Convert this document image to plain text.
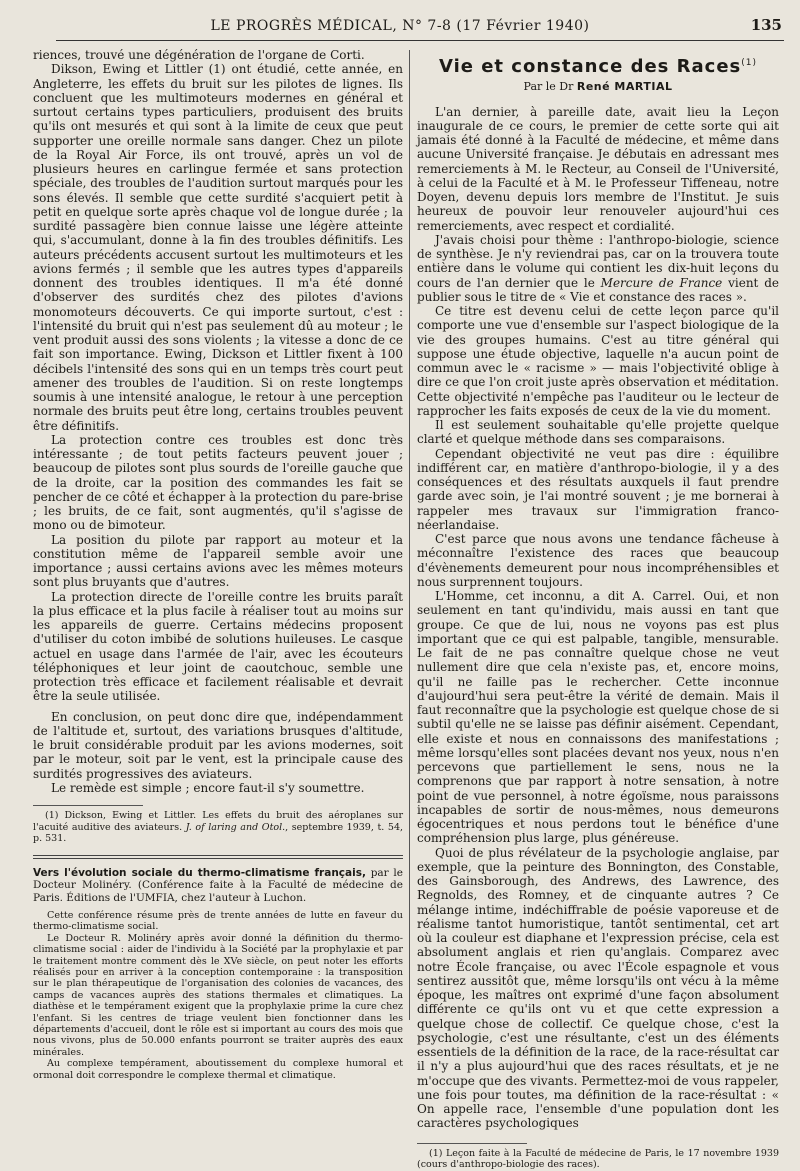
LE PROGRÈS MÉDICAL, N° 7-8 (17 Février 1940)	135

riences, trouvé une dégénération de l'organe de Corti.

Dikson, Ewing et Littler (1) ont étudié, cette année, en Angleterre, les effets du bruit sur les pilotes de lignes. Ils concluent que les multimoteurs modernes en général et surtout certains types particuliers, produisent des bruits qu'ils ont mesurés et qui sont à la limite de ceux que peut supporter une oreille normale sans danger. Chez un pilote de la Royal Air Force, ils ont trouvé, après un vol de plusieurs heures en carlingue fermée et sans protection spéciale, des troubles de l'audition surtout marqués pour les sons élevés. Il semble que cette surdité s'acquiert petit à petit en quelque sorte après chaque vol de longue durée ; la surdité passagère bien connue laisse une légère atteinte qui, s'accumulant, donne à la fin des troubles définitifs. Les auteurs précédents accusent surtout les multimoteurs et les avions fermés ; il semble que les autres types d'appareils donnent des troubles identiques. Il m'a été donné d'observer des surdités chez des pilotes d'avions monomoteurs découverts. Ce qui importe surtout, c'est : l'intensité du bruit qui n'est pas seulement dû au moteur ; le vent produit aussi des sons violents ; la vitesse a donc de ce fait son importance. Ewing, Dickson et Littler fixent à 100 décibels l'intensité des sons qui en un temps très court peut amener des troubles de l'audition. Si on reste longtemps soumis à une intensité analogue, le retour à une perception normale des bruits peut être long, certains troubles peuvent être définitifs.

La protection contre ces troubles est donc très intéressante ; de tout petits facteurs peuvent jouer ; beaucoup de pilotes sont plus sourds de l'oreille gauche que de la droite, car la position des commandes les fait se pencher de ce côté et échapper à la protection du pare-brise ; les bruits, de ce fait, sont augmentés, qu'il s'agisse de mono ou de bimoteur.

La position du pilote par rapport au moteur et la constitution même de l'appareil semble avoir une importance ; aussi certains avions avec les mêmes moteurs sont plus bruyants que d'autres.

La protection directe de l'oreille contre les bruits paraît la plus efficace et la plus facile à réaliser tout au moins sur les appareils de guerre. Certains médecins proposent d'utiliser du coton imbibé de solutions huileuses. Le casque actuel en usage dans l'armée de l'air, avec les écouteurs téléphoniques et leur joint de caoutchouc, semble une protection très efficace et facilement réalisable et devrait être la seule utilisée.

En conclusion, on peut donc dire que, indépendamment de l'altitude et, surtout, des variations brusques d'altitude, le bruit considérable produit par les avions modernes, soit par le moteur, soit par le vent, est la principale cause des surdités progressives des aviateurs.

Le remède est simple ; encore faut-il s'y soumettre.

(1) Dickson, Ewing et Littler. Les effets du bruit des aéroplanes sur l'acuité auditive des aviateurs. J. of laring and Otol., septembre 1939, t. 54, p. 531.
Vers l'évolution sociale du thermo-climatisme français, par le Docteur Molinéry. (Conférence faite à la Faculté de médecine de Paris. Éditions de l'UMFIA, chez l'auteur à Luchon.

Cette conférence résume près de trente années de lutte en faveur du thermo-climatisme social.

Le Docteur R. Molinéry après avoir donné la définition du thermo-climatisme social : aider de l'individu à la Société par la prophylaxie et par le traitement montre comment dès le XVe siècle, on peut noter les efforts réalisés pour en arriver à la conception contemporaine : la transposition sur le plan thérapeutique de l'organisation des colonies de vacances, des camps de vacances auprès des stations thermales et climatiques. La diathèse et le tempérament exigent que la prophylaxie prime la cure chez l'enfant. Si les centres de triage veulent bien fonctionner dans les départements d'accueil, dont le rôle est si important au cours des mois que nous vivons, plus de 50.000 enfants pourront se traiter auprès des eaux minérales.

Au complexe tempérament, aboutissement du complexe humoral et ormonal doit correspondre le complexe thermal et climatique.

Vie et constance des Races$^{(1)}$
Par le Dr René MARTIAL

L'an dernier, à pareille date, avait lieu la Leçon inaugurale de ce cours, le premier de cette sorte qui ait jamais été donné à la Faculté de médecine, et même dans aucune Université française. Je débutais en adressant mes remerciements à M. le Recteur, au Conseil de l'Université, à celui de la Faculté et à M. le Professeur Tiffeneau, notre Doyen, devenu depuis lors membre de l'Institut. Je suis heureux de pouvoir leur renouveler aujourd'hui ces remerciements, avec respect et cordialité.

J'avais choisi pour thème : l'anthropo-biologie, science de synthèse. Je n'y reviendrai pas, car on la trouvera toute entière dans le volume qui contient les dix-huit leçons du cours de l'an dernier que le Mercure de France vient de publier sous le titre de « Vie et constance des races ».

Ce titre est devenu celui de cette leçon parce qu'il comporte une vue d'ensemble sur l'aspect biologique de la vie des groupes humains. C'est au titre général qui suppose une étude objective, laquelle n'a aucun point de commun avec le « racisme » — mais l'objectivité oblige à dire ce que l'on croit juste après observation et méditation. Cette objectivité n'empêche pas l'auditeur ou le lecteur de rapprocher les faits exposés de ceux de la vie du moment.

Il est seulement souhaitable qu'elle projette quelque clarté et quelque méthode dans ses comparaisons.

Cependant objectivité ne veut pas dire : équilibre indifférent car, en matière d'anthropo-biologie, il y a des conséquences et des résultats auxquels il faut prendre garde avec soin, je l'ai montré souvent ; je me bornerai à rappeler mes travaux sur l'immigration franco-néerlandaise.

C'est parce que nous avons une tendance fâcheuse à méconnaître l'existence des races que beaucoup d'évènements demeurent pour nous incompréhensibles et nous surprennent toujours.

L'Homme, cet inconnu, a dit A. Carrel. Oui, et non seulement en tant qu'individu, mais aussi en tant que groupe. Ce que de lui, nous ne voyons pas est plus important que ce qui est palpable, tangible, mensurable. Le fait de ne pas connaître quelque chose ne veut nullement dire que cela n'existe pas, et, encore moins, qu'il ne faille pas le rechercher. Cette inconnue d'aujourd'hui sera peut-être la vérité de demain. Mais il faut reconnaître que la psychologie est quelque chose de si subtil qu'elle ne se laisse pas définir aisément. Cependant, elle existe et nous en connaissons des manifestations ; même lorsqu'elles sont placées devant nos yeux, nous n'en percevons que partiellement le sens, nous ne la comprenons que par rapport à notre sensation, à notre point de vue personnel, à notre égoïsme, nous paraissons incapables de sortir de nous-mêmes, nous demeurons égocentriques et nous perdons tout le bénéfice d'une compréhension plus large, plus généreuse.

Quoi de plus révélateur de la psychologie anglaise, par exemple, que la peinture des Bonnington, des Constable, des Gainsborough, des Andrews, des Lawrence, des Regnolds, des Romney, et de cinquante autres ? Ce mélange intime, indéchiffrable de poésie vaporeuse et de réalisme tantot humoristique, tantôt sentimental, cet art où la couleur est diaphane et l'expression précise, cela est absolument anglais et rien qu'anglais. Comparez avec notre École française, ou avec l'École espagnole et vous sentirez aussitôt que, même lorsqu'ils ont vécu à la même époque, les maîtres ont exprimé d'une façon absolument différente ce qu'ils ont vu et que cette expression a quelque chose de collectif. Ce quelque chose, c'est la psychologie, c'est une résultante, c'est un des éléments essentiels de la définition de la race, de la race-résultat car il n'y a plus aujourd'hui que des races résultats, et je ne m'occupe que des vivants. Permettez-moi de vous rappeler, une fois pour toutes, ma définition de la race-résultat : « On appelle race, l'ensemble d'une population dont les caractères psychologiques

(1) Leçon faite à la Faculté de médecine de Paris, le 17 novembre 1939 (cours d'anthropo-biologie des races).
